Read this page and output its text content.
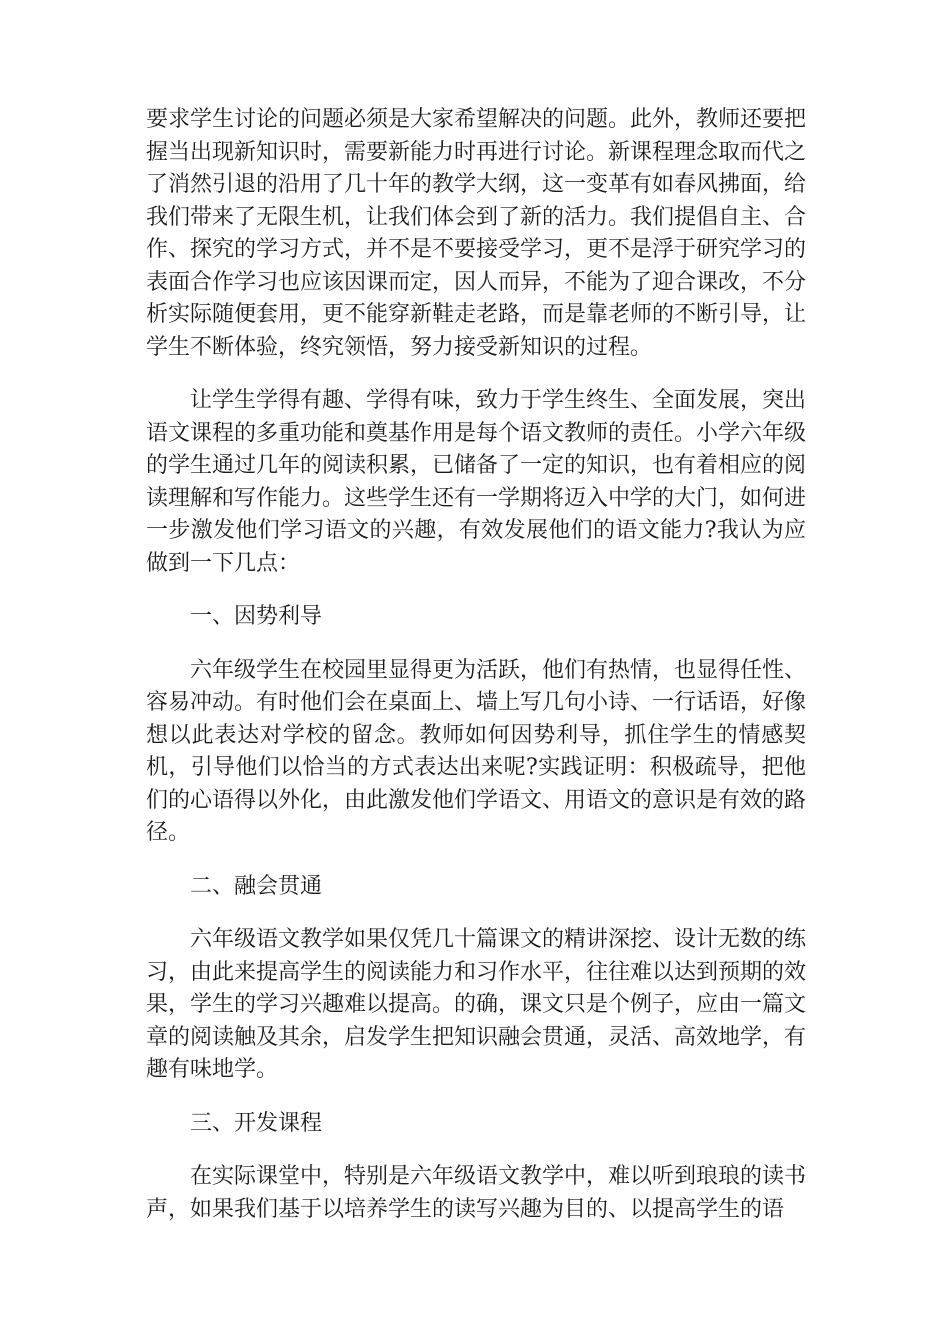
要求学生讨论的问题必须是大家希望解决的问题。此外，教师还要把握当出现新知识时，需要新能力时再进行讨论。新课程理念取而代之了消然引退的沿用了几十年的教学大纲，这一变革有如春风拂面，给我们带来了无限生机，让我们体会到了新的活力。我们提倡自主、合作、探究的学习方式，并不是不要接受学习，更不是浮于研究学习的表面合作学习也应该因课而定，因人而异，不能为了迎合课改，不分析实际随便套用，更不能穿新鞋走老路，而是靠老师的不断引导，让学生不断体验，终究领悟，努力接受新知识的过程。

让学生学得有趣、学得有味，致力于学生终生、全面发展，突出语文课程的多重功能和奠基作用是每个语文教师的责任。小学六年级的学生通过几年的阅读积累，已储备了一定的知识，也有着相应的阅读理解和写作能力。这些学生还有一学期将迈入中学的大门，如何进一步激发他们学习语文的兴趣，有效发展他们的语文能力?我认为应做到一下几点：

一、因势利导

六年级学生在校园里显得更为活跃，他们有热情，也显得任性、容易冲动。有时他们会在桌面上、墙上写几句小诗、一行话语，好像想以此表达对学校的留念。教师如何因势利导，抓住学生的情感契机，引导他们以恰当的方式表达出来呢?实践证明：积极疏导，把他们的心语得以外化，由此激发他们学语文、用语文的意识是有效的路径。

二、融会贯通

六年级语文教学如果仅凭几十篇课文的精讲深挖、设计无数的练习，由此来提高学生的阅读能力和习作水平，往往难以达到预期的效果，学生的学习兴趣难以提高。的确，课文只是个例子，应由一篇文章的阅读触及其余，启发学生把知识融会贯通，灵活、高效地学，有趣有味地学。

三、开发课程

在实际课堂中，特别是六年级语文教学中，难以听到琅琅的读书声，如果我们基于以培养学生的读写兴趣为目的、以提高学生的语
